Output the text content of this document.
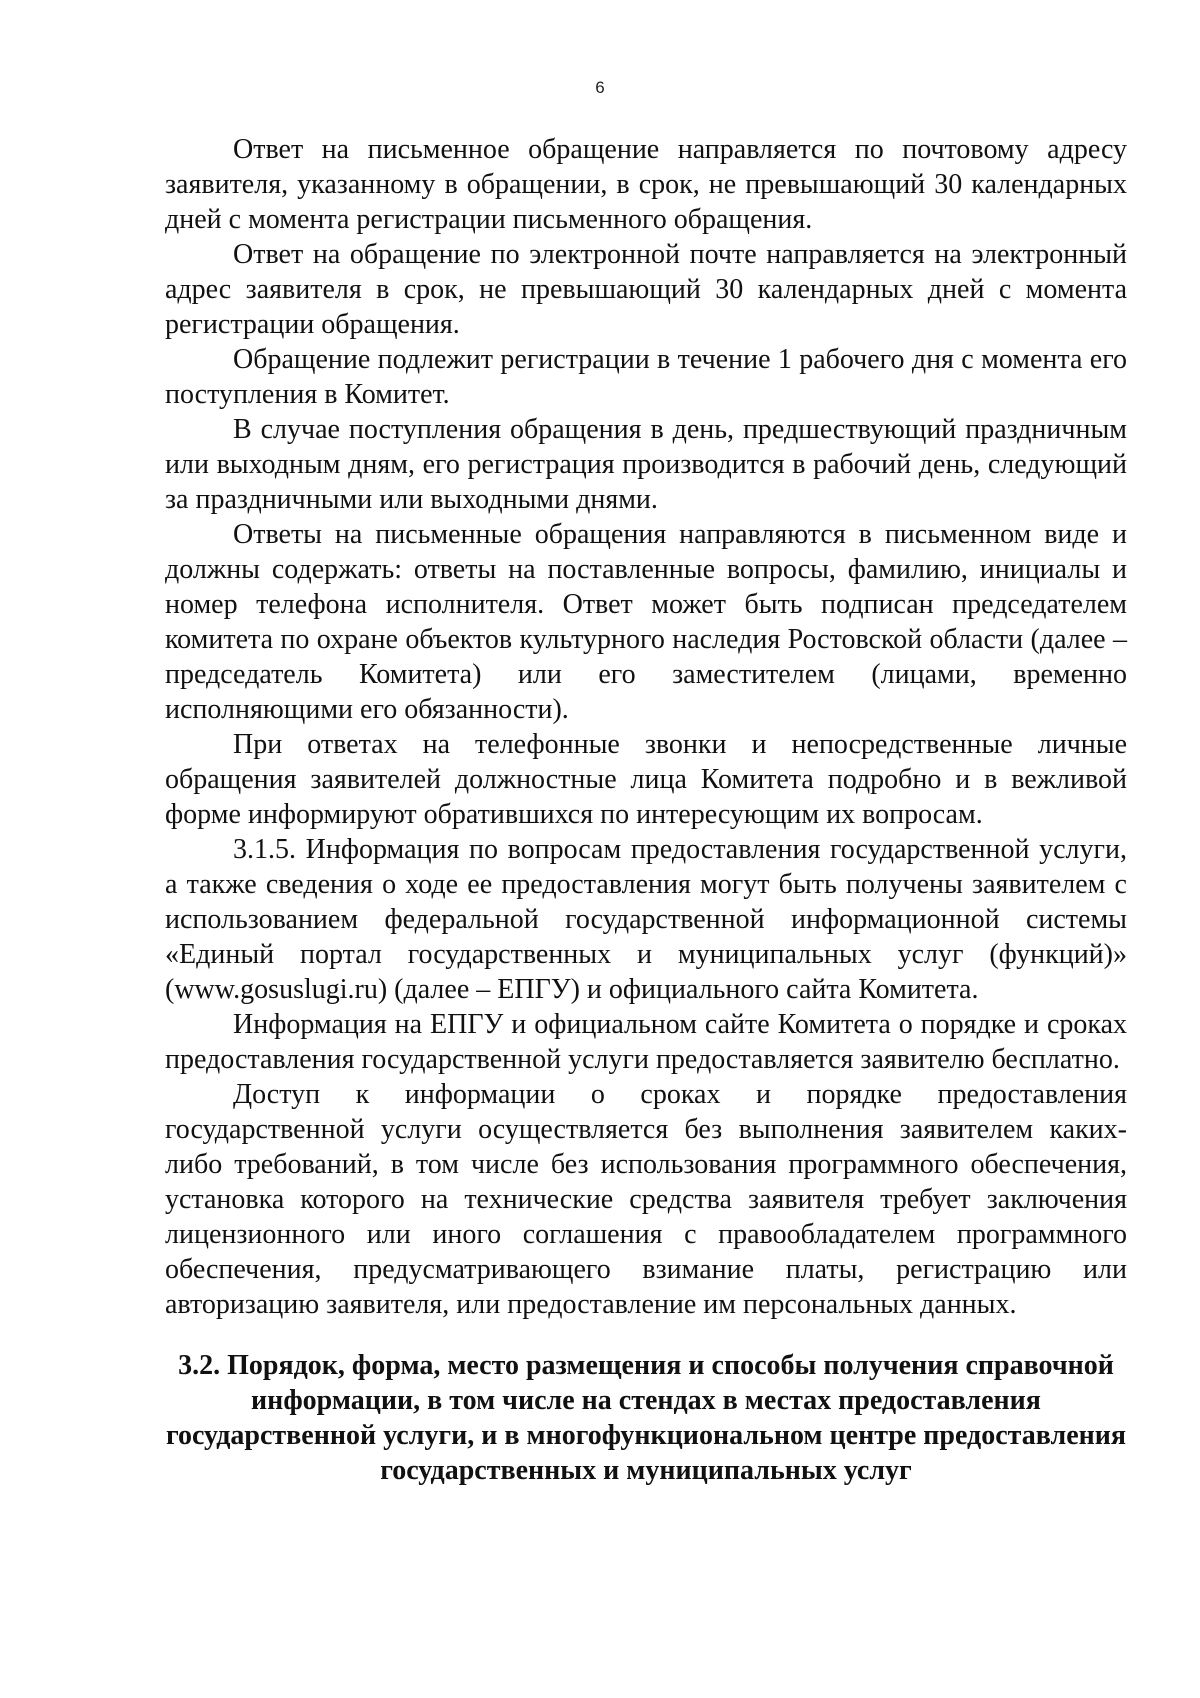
6

Ответ на письменное обращение направляется по почтовому адресу заявителя, указанному в обращении, в срок, не превышающий 30 календарных дней с момента регистрации письменного обращения.

Ответ на обращение по электронной почте направляется на электронный адрес заявителя в срок, не превышающий 30 календарных дней с момента регистрации обращения.

Обращение подлежит регистрации в течение 1 рабочего дня с момента его поступления в Комитет.

В случае поступления обращения в день, предшествующий праздничным или выходным дням, его регистрация производится в рабочий день, следующий за праздничными или выходными днями.

Ответы на письменные обращения направляются в письменном виде и должны содержать: ответы на поставленные вопросы, фамилию, инициалы и номер телефона исполнителя. Ответ может быть подписан председателем комитета по охране объектов культурного наследия Ростовской области (далее – председатель Комитета) или его заместителем (лицами, временно исполняющими его обязанности).

При ответах на телефонные звонки и непосредственные личные обращения заявителей должностные лица Комитета подробно и в вежливой форме информируют обратившихся по интересующим их вопросам.

3.1.5. Информация по вопросам предоставления государственной услуги, а также сведения о ходе ее предоставления могут быть получены заявителем с использованием федеральной государственной информационной системы «Единый портал государственных и муниципальных услуг (функций)» (www.gosuslugi.ru) (далее – ЕПГУ) и официального сайта Комитета.

Информация на ЕПГУ и официальном сайте Комитета о порядке и сроках предоставления государственной услуги предоставляется заявителю бесплатно.

Доступ к информации о сроках и порядке предоставления государственной услуги осуществляется без выполнения заявителем каких-либо требований, в том числе без использования программного обеспечения, установка которого на технические средства заявителя требует заключения лицензионного или иного соглашения с правообладателем программного обеспечения, предусматривающего взимание платы, регистрацию или авторизацию заявителя, или предоставление им персональных данных.

3.2. Порядок, форма, место размещения и способы получения справочной информации, в том числе на стендах в местах предоставления государственной услуги, и в многофункциональном центре предоставления государственных и муниципальных услуг
